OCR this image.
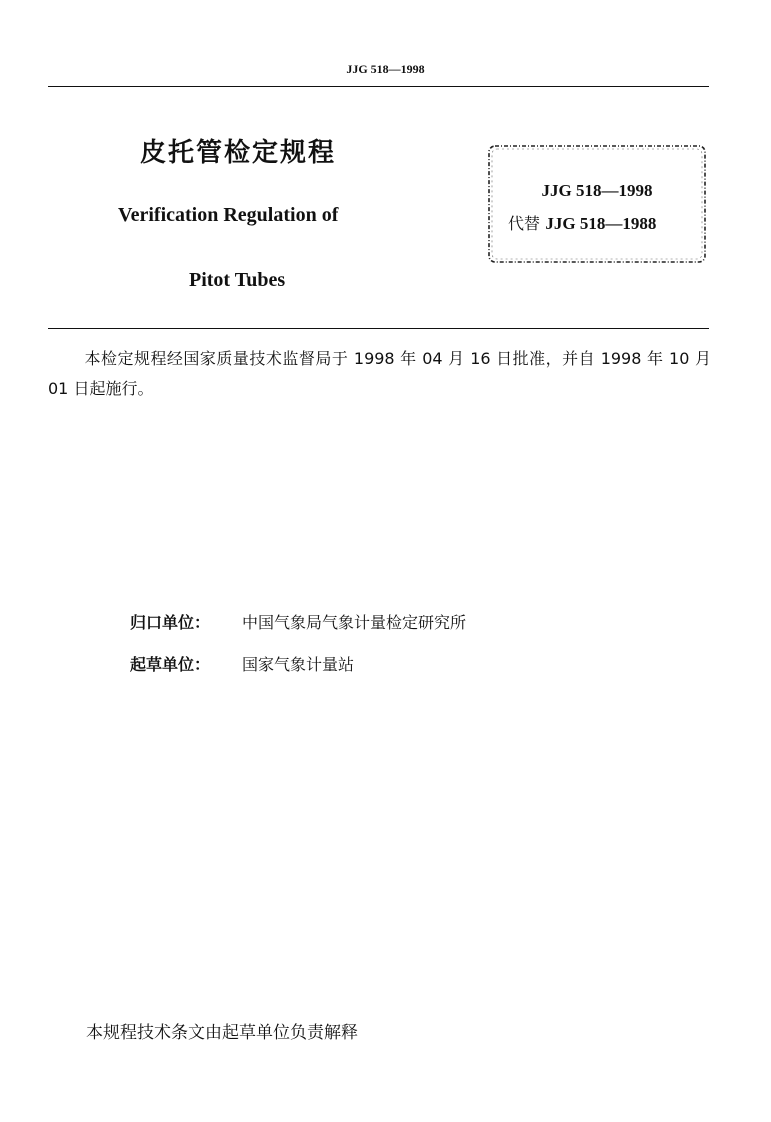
JJG 518—1998
皮托管检定规程
Verification Regulation of
Pitot Tubes
JJG 518—1998
代替 JJG 518—1988
本检定规程经国家质量技术监督局于 1998 年 04 月 16 日批准，并自 1998 年 10 月 01 日起施行。
归口单位： 中国气象局气象计量检定研究所
起草单位： 国家气象计量站
本规程技术条文由起草单位负责解释
